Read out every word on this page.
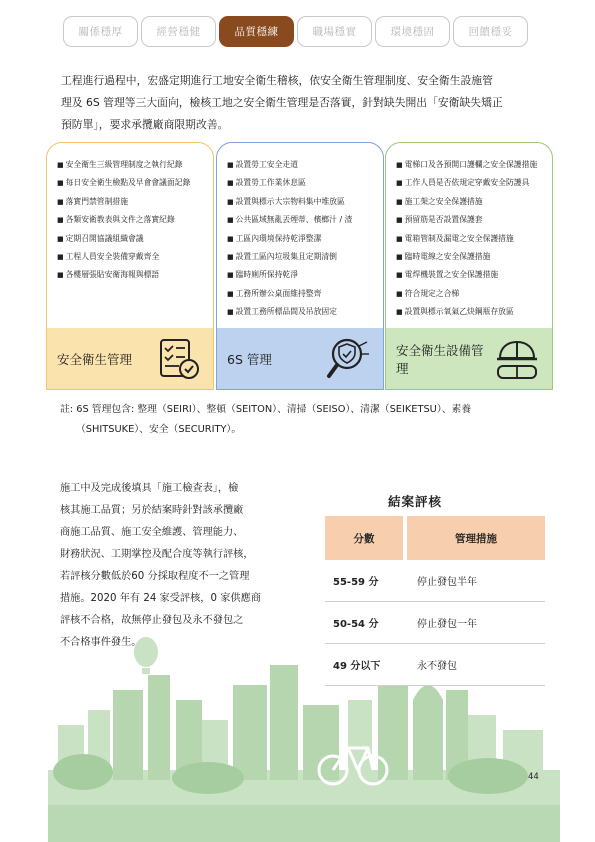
關係穩厚	經營穩健	品質穩練	職場穩實	環境穩固	回饋穩妥
工程進行過程中，宏盛定期進行工地安全衛生稽核，依安全衛生管理制度、安全衛生設施管
理及 6S 管理等三大面向，檢核工地之安全衛生管理是否落實，針對缺失開出「安衛缺失矯正
預防單」，要求承攬廠商限期改善。
■ 安全衛生三級管理制度之執行紀錄
■ 每日安全衛生檢點及早會會議面記錄
■ 落實門禁管制措施
■ 各類安衛教表與文件之落實紀錄
■ 定期召開協議組織會議
■ 工程人員安全裝備穿戴齊全
■ 各樓層張貼安衛海報與標語
安全衛生管理
■ 設置勞工安全走道
■ 設置勞工作業休息區
■ 設置與標示大宗物料集中堆放區
■ 公共區域無亂丟煙蒂、檳榔汁 / 渣
■ 工區內環境保持乾淨整潔
■ 設置工區內垃圾集且定期清倒
■ 臨時廁所保持乾淨
■ 工務所辦公桌面維持整齊
■ 設置工務所標品間及吊放固定
6S 管理
■ 電梯口及各預開口護欄之安全保護措施
■ 工作人員是否依規定穿戴安全防護具
■ 施工架之安全保護措施
■ 預留筋是否設置保護套
■ 電箱管制及漏電之安全保護措施
■ 臨時電線之安全保護措施
■ 電焊機裝置之安全保護措施
■ 符合規定之合梯
■ 設置與標示氧氣乙炔鋼瓶存放區
安全衛生設備管理
註: 6S 管理包含: 整理（SEIRI）、整頓（SEITON）、清掃（SEISO）、清潔（SEIKETSU）、素養
（SHITSUKE）、安全（SECURITY）。
施工中及完成後填具「施工檢查表」，檢
核其施工品質；另於結案時針對該承攬廠
商施工品質、施工安全維護、管理能力、
財務狀況、工期掌控及配合度等執行評核，
若評核分數低於60 分採取程度不一之管理
措施。2020 年有 24 家受評核，0 家供應商
評核不合格，故無停止發包及永不發包之
不合格事件發生。
結案評核
分數	管理措施
55-59 分	停止發包半年
50-54 分	停止發包一年
49 分以下	永不發包
44
